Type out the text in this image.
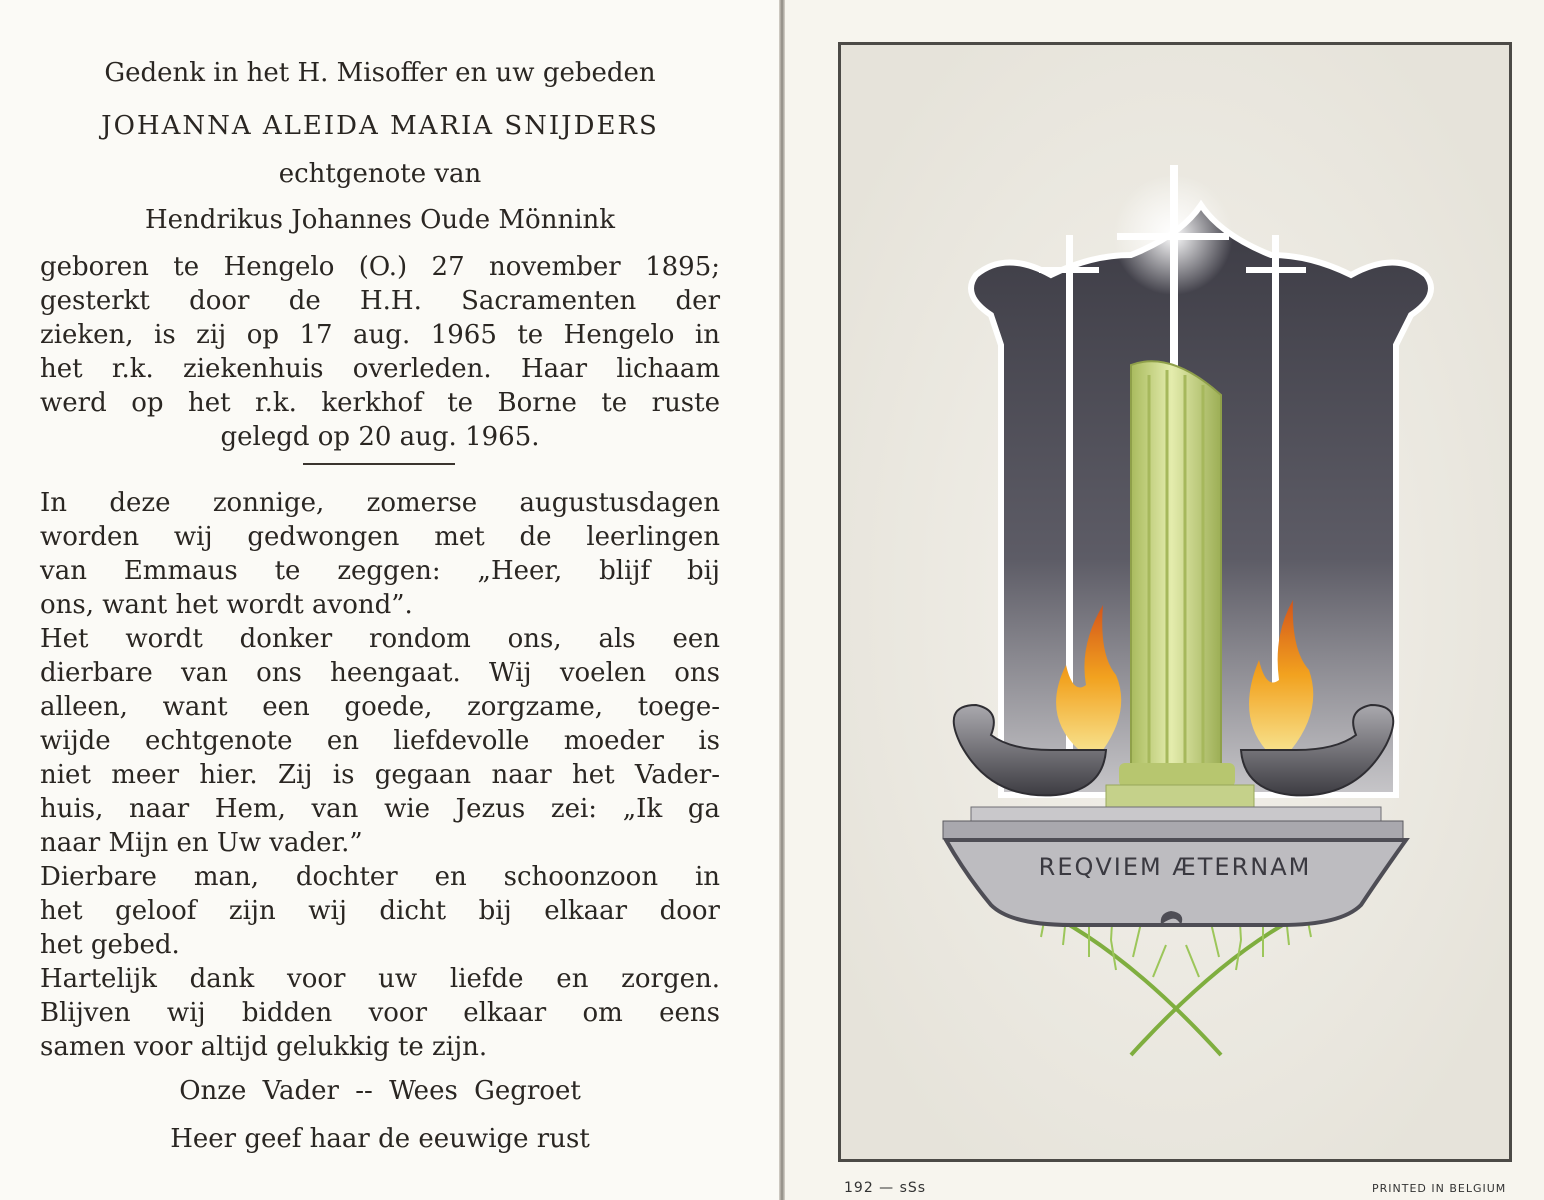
Gedenk in het H. Misoffer en uw gebeden
JOHANNA ALEIDA MARIA SNIJDERS
echtgenote van
Hendrikus Johannes Oude Mönnink
geboren te Hengelo (O.) 27 november 1895;
gesterkt door de H.H. Sacramenten der
zieken, is zij op 17 aug. 1965 te Hengelo in
het r.k. ziekenhuis overleden. Haar lichaam
werd op het r.k. kerkhof te Borne te ruste
gelegd op 20 aug. 1965.
In deze zonnige, zomerse augustusdagen
worden wij gedwongen met de leerlingen
van Emmaus te zeggen: „Heer, blijf bij
ons, want het wordt avond”.
Het wordt donker rondom ons, als een
dierbare van ons heengaat. Wij voelen ons
alleen, want een goede, zorgzame, toege-
wijde echtgenote en liefdevolle moeder is
niet meer hier. Zij is gegaan naar het Vader-
huis, naar Hem, van wie Jezus zei: „Ik ga
naar Mijn en Uw vader.”
Dierbare man, dochter en schoonzoon in
het geloof zijn wij dicht bij elkaar door
het gebed.
Hartelijk dank voor uw liefde en zorgen.
Blijven wij bidden voor elkaar om eens
samen voor altijd gelukkig te zijn.
Onze Vader -- Wees Gegroet
Heer geef haar de eeuwige rust
REQVIEM ÆTERNAM
192 — sSs	PRINTED IN BELGIUM
